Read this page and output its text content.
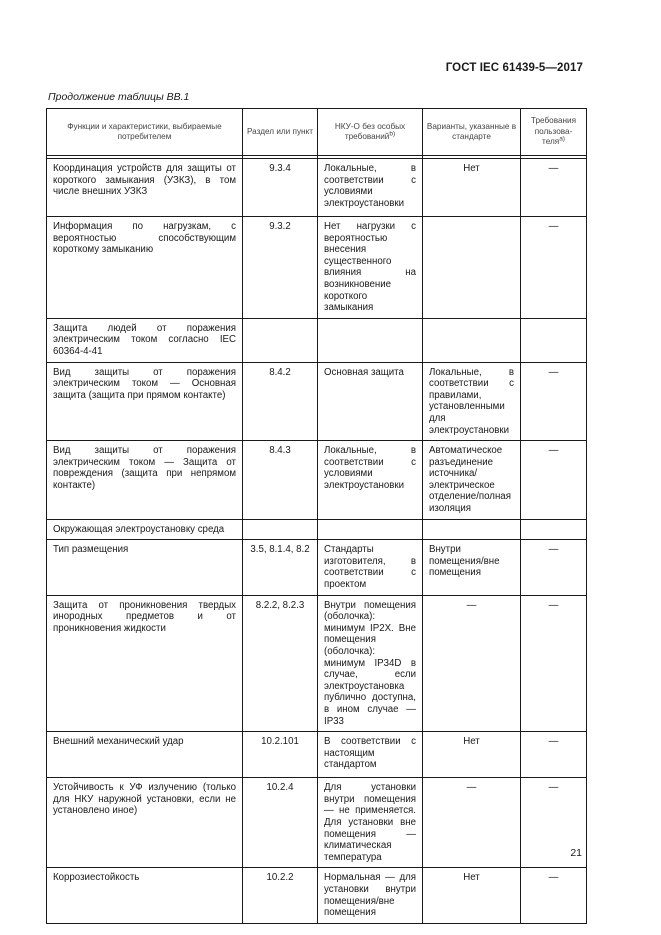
ГОСТ IEC 61439-5—2017
Продолжение таблицы ВВ.1
Функции и характеристики, выбираемые потребителем	Раздел или пункт	НКУ-О без особых требований$^{b)}$	Варианты, указанные в стандарте	Требования пользова-теля$^{a)}$

Координация устройств для защиты от короткого замыкания (УЗКЗ), в том числе внешних УЗКЗ	9.3.4	Локальные, в соответствии с условиями электроустановки	Нет	—
Информация по нагрузкам, с вероятностью способствующим короткому замыканию	9.3.2	Нет нагрузки с вероятностью внесения существенного влияния на возникновение короткого замыкания		—
Защита людей от поражения электрическим током согласно IEC 60364-4-41				
Вид защиты от поражения электрическим током — Основная защита (защита при прямом контакте)	8.4.2	Основная защита	Локальные, в соответствии с правилами, установленными для электроустановки	—
Вид защиты от поражения электрическим током — Защита от повреждения (защита при непрямом контакте)	8.4.3	Локальные, в соответствии с условиями электроустановки	Автоматическое разъединение источника/электрическое отделение/полная изоляция	—
Окружающая электроустановку среда				
Тип размещения	3.5, 8.1.4, 8.2	Стандарты изготовителя, в соответствии с проектом	Внутри помещения/вне помещения	—
Защита от проникновения твердых инородных предметов и от проникновения жидкости	8.2.2, 8.2.3	Внутри помещения (оболочка): минимум IP2X. Вне помещения (оболочка): минимум IP34D в случае, если электроустановка публично доступна, в ином случае — IP33	—	—
Внешний механический удар	10.2.101	В соответствии с настоящим стандартом	Нет	—
Устойчивость к УФ излучению (только для НКУ наружной установки, если не установлено иное)	10.2.4	Для установки внутри помещения — не применяется. Для установки вне помещения — климатическая температура	—	—
Коррозиестойкость	10.2.2	Нормальная — для установки внутри помещения/вне помещения	Нет	—
21
